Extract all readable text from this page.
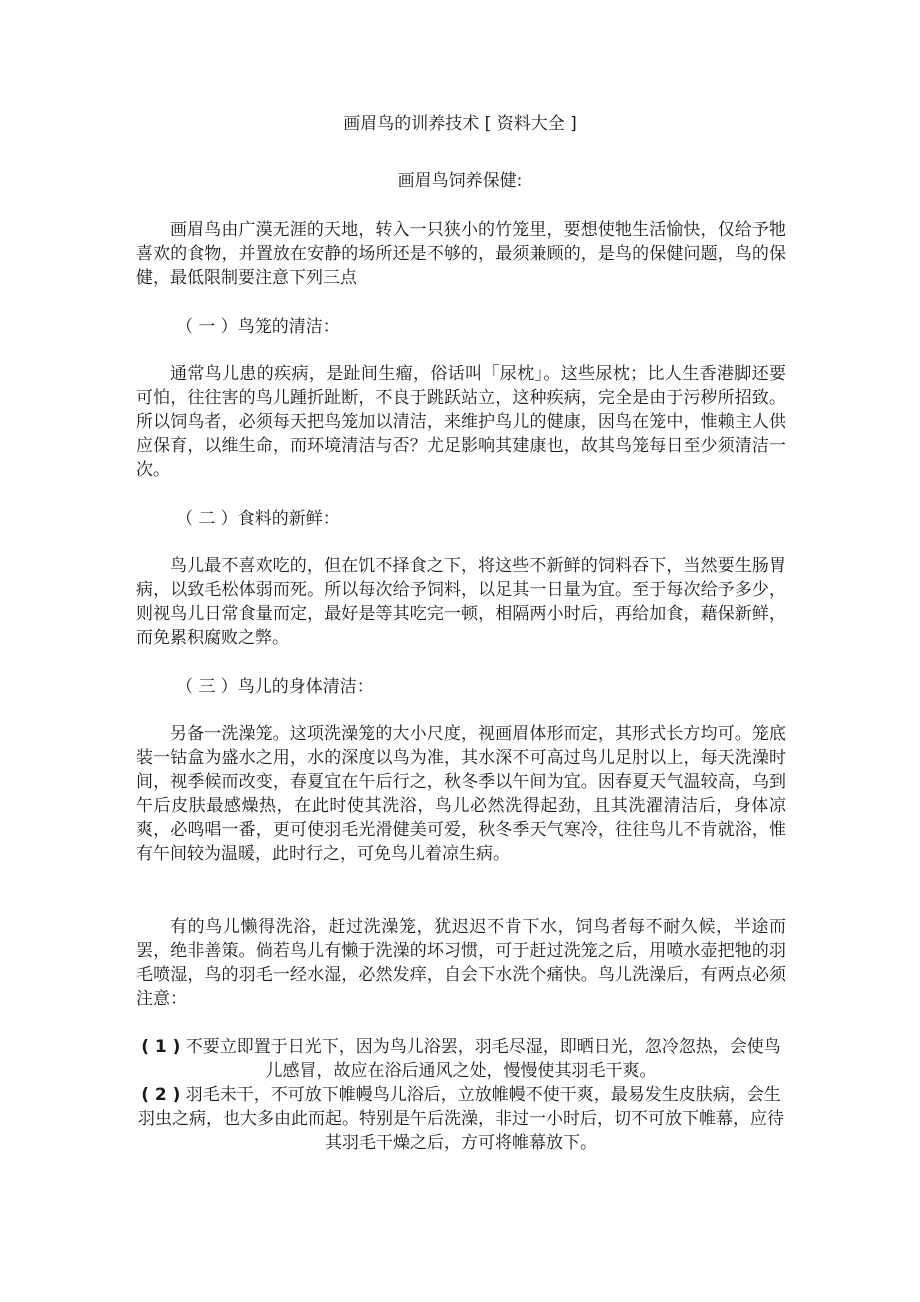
画眉鸟的训养技术 [ 资料大全 ]
画眉鸟饲养保健:
画眉鸟由广漠无涯的天地，转入一只狭小的竹笼里，要想使牠生活愉快，仅给予牠喜欢的食物，并置放在安静的场所还是不够的，最须兼顾的，是鸟的保健问题，鸟的保健，最低限制要注意下列三点
（ 一 ）鸟笼的清洁：
通常鸟儿患的疾病，是趾间生瘤，俗话叫「尿枕」。这些尿枕；比人生香港脚还要可怕，往往害的鸟儿踵折趾断，不良于跳跃站立，这种疾病，完全是由于污秽所招致。所以饲鸟者，必须每天把鸟笼加以清洁，来维护鸟儿的健康，因鸟在笼中，惟赖主人供应保育，以维生命，而环境清洁与否？尤足影响其建康也，故其鸟笼每日至少须清洁一次。
（ 二 ）食料的新鲜：
鸟儿最不喜欢吃的，但在饥不择食之下，将这些不新鲜的饲料吞下，当然要生肠胃病，以致毛松体弱而死。所以每次给予饲料，以足其一日量为宜。至于每次给予多少，则视鸟儿日常食量而定，最好是等其吃完一顿，相隔两小时后，再给加食，藉保新鲜，而免累积腐败之弊。
（ 三 ）鸟儿的身体清洁：
另备一洗澡笼。这项洗澡笼的大小尺度，视画眉体形而定，其形式长方均可。笼底装一钴盒为盛水之用，水的深度以鸟为准，其水深不可高过鸟儿足肘以上，每天洗澡时间，视季候而改变，春夏宜在午后行之，秋冬季以午间为宜。因春夏天气温较高，乌到午后皮肤最感燥热，在此时使其洗浴，鸟儿必然洗得起劲，且其洗濯清洁后，身体凉爽，必鸣唱一番，更可使羽毛光滑健美可爱，秋冬季天气寒冷，往往鸟儿不肯就浴，惟有午间较为温暖，此时行之，可免鸟儿着凉生病。
有的鸟儿懒得洗浴，赶过洗澡笼，犹迟迟不肯下水，饲鸟者每不耐久候，半途而罢，绝非善策。倘若鸟儿有懒于洗澡的坏习惯，可于赶过洗笼之后，用喷水壶把牠的羽毛喷湿，鸟的羽毛一经水湿，必然发痒，自会下水洗个痛快。鸟儿洗澡后，有两点必须注意：
( 1 ) 不要立即置于日光下，因为鸟儿浴罢，羽毛尽湿，即晒日光，忽冷忽热，会使鸟儿感冒，故应在浴后通风之处，慢慢使其羽毛干爽。
( 2 ) 羽毛未干，不可放下帷幔鸟儿浴后，立放帷幔不使干爽，最易发生皮肤病，会生羽虫之病，也大多由此而起。特别是午后洗澡，非过一小时后，切不可放下帷幕，应待其羽毛干燥之后，方可将帷幕放下。
